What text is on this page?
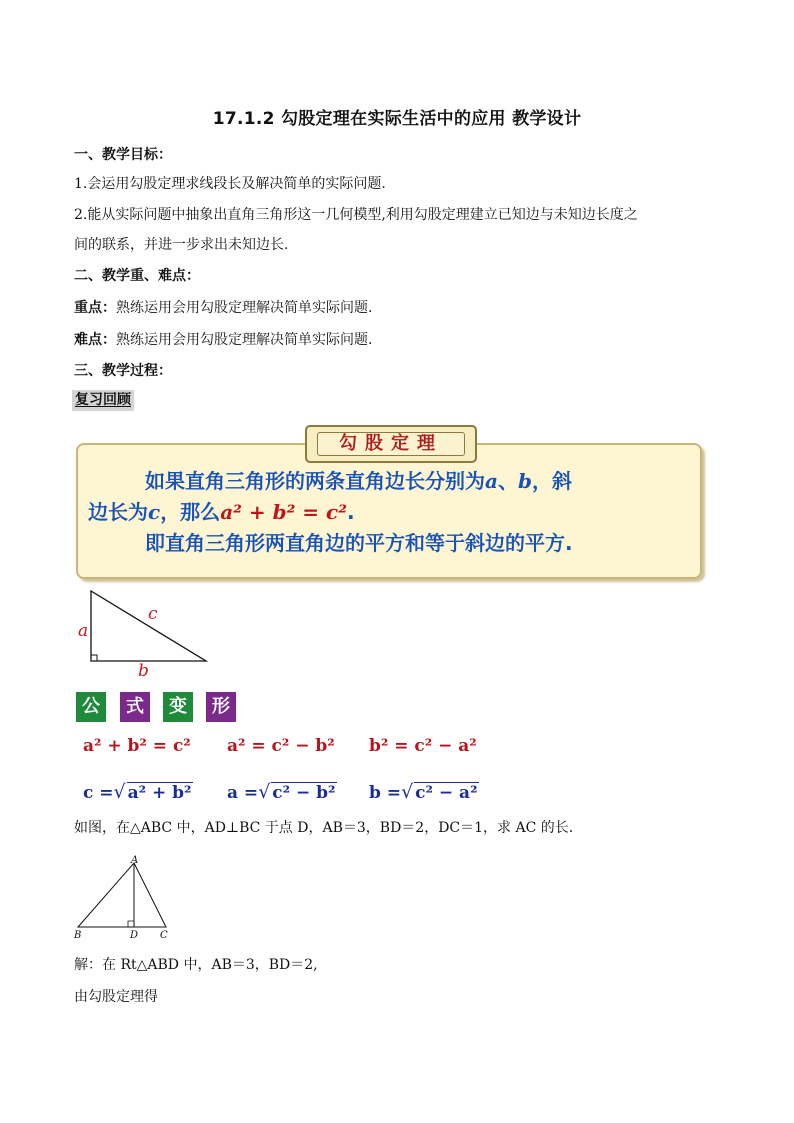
17.1.2 勾股定理在实际生活中的应用 教学设计
一、教学目标：
1.会运用勾股定理求线段长及解决简单的实际问题.
2.能从实际问题中抽象出直角三角形这一几何模型,利用勾股定理建立已知边与未知边长度之
间的联系，并进一步求出未知边长.
二、教学重、难点：
重点：熟练运用会用勾股定理解决简单实际问题.
难点：熟练运用会用勾股定理解决简单实际问题.
三、教学过程：
复习回顾
勾股定理
如果直角三角形的两条直角边长分别为a、b，斜
边长为c，那么a² + b² = c².
即直角三角形两直角边的平方和等于斜边的平方.
a
c
b
公	式	变	形
a² + b² = c² a² = c² − b² b² = c² − a²
c =√ a² + b² a =√ c² − b² b =√ c² − a²
如图，在△ABC 中，AD⊥BC 于点 D，AB＝3，BD＝2，DC＝1，求 AC 的长.
A
B	D C
解：在 Rt△ABD 中，AB＝3，BD＝2,
由勾股定理得
